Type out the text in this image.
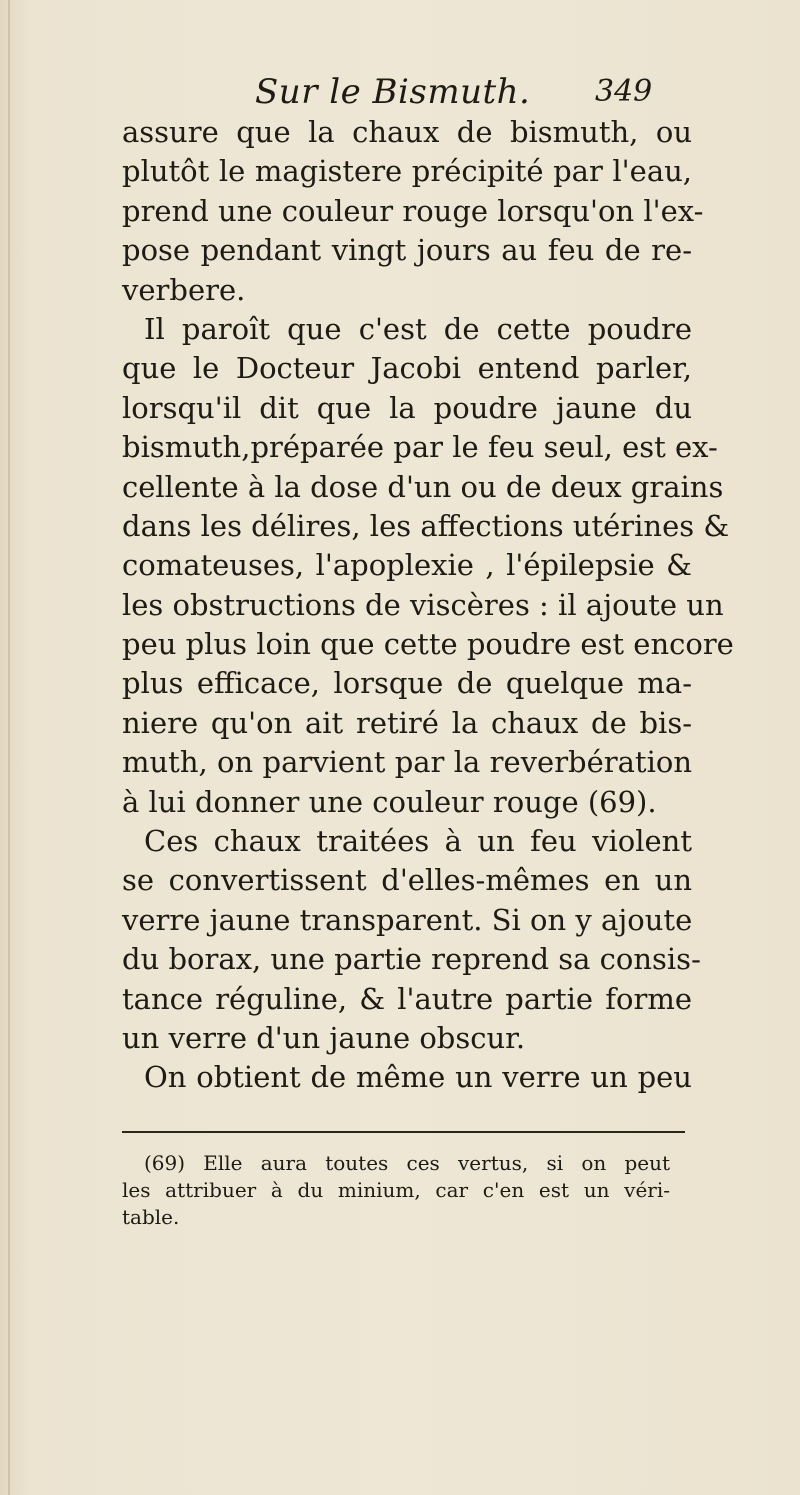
Sur le Bismuth. 349
assure que la chaux de bismuth, ou
plutôt le magistere précipité par l'eau,
prend une couleur rouge lorsqu'on l'ex-
pose pendant vingt jours au feu de re-
verbere.
Il paroît que c'est de cette poudre
que le Docteur Jacobi entend parler,
lorsqu'il dit que la poudre jaune du
bismuth,préparée par le feu seul, est ex-
cellente à la dose d'un ou de deux grains
dans les délires, les affections utérines &
comateuses, l'apoplexie , l'épilepsie &
les obstructions de viscères : il ajoute un
peu plus loin que cette poudre est encore
plus efficace, lorsque de quelque ma-
niere qu'on ait retiré la chaux de bis-
muth, on parvient par la reverbération
à lui donner une couleur rouge (69).
Ces chaux traitées à un feu violent
se convertissent d'elles-mêmes en un
verre jaune transparent. Si on y ajoute
du borax, une partie reprend sa consis-
tance réguline, & l'autre partie forme
un verre d'un jaune obscur.
On obtient de même un verre un peu
(69) Elle aura toutes ces vertus, si on peut
les attribuer à du minium, car c'en est un véri-
table.
